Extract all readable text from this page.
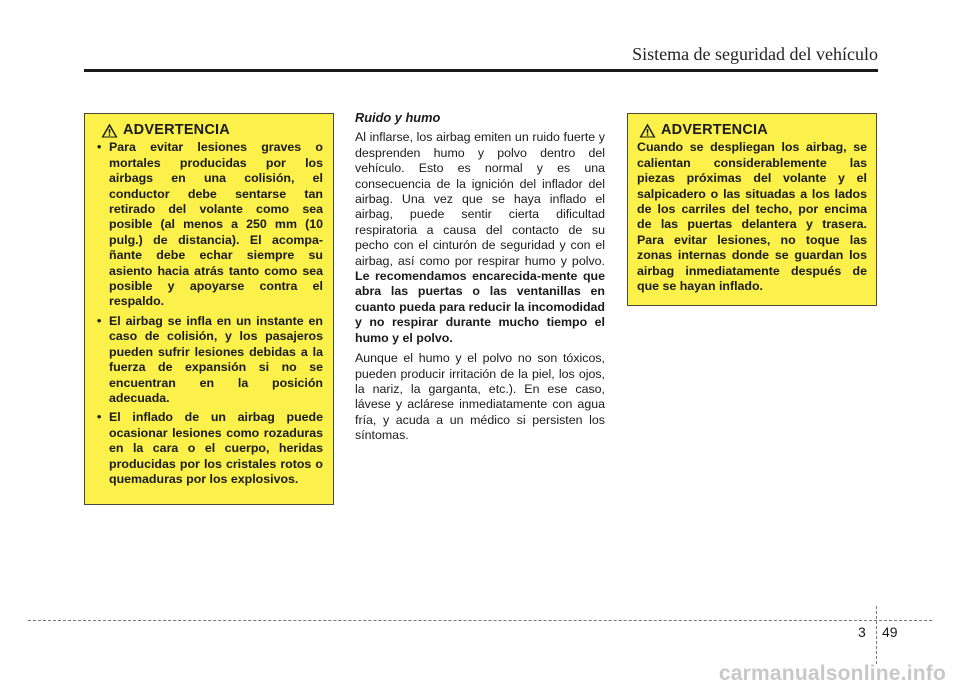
Sistema de seguridad del vehículo
ADVERTENCIA
• Para evitar lesiones graves o mortales producidas por los airbags en una colisión, el conductor debe sentarse tan retirado del volante como sea posible (al menos a 250 mm (10 pulg.) de distancia). El acompa-ñante debe echar siempre su asiento hacia atrás tanto como sea posible y apoyarse contra el respaldo.
• El airbag se infla en un instante en caso de colisión, y los pasajeros pueden sufrir lesiones debidas a la fuerza de expansión si no se encuentran en la posición adecuada.
• El inflado de un airbag puede ocasionar lesiones como rozaduras en la cara o el cuerpo, heridas producidas por los cristales rotos o quemaduras por los explosivos.
Ruido y humo

Al inflarse, los airbag emiten un ruido fuerte y desprenden humo y polvo dentro del vehículo. Esto es normal y es una consecuencia de la ignición del inflador del airbag. Una vez que se haya inflado el airbag, puede sentir cierta dificultad respiratoria a causa del contacto de su pecho con el cinturón de seguridad y con el airbag, así como por respirar humo y polvo. Le recomendamos encarecida-mente que abra las puertas o las ventanillas en cuanto pueda para reducir la incomodidad y no respirar durante mucho tiempo el humo y el polvo.

Aunque el humo y el polvo no son tóxicos, pueden producir irritación de la piel, los ojos, la nariz, la garganta, etc.). En ese caso, lávese y aclárese inmediatamente con agua fría, y acuda a un médico si persisten los síntomas.

ADVERTENCIA
Cuando se despliegan los airbag, se calientan considerablemente las piezas próximas del volante y el salpicadero o las situadas a los lados de los carriles del techo, por encima de las puertas delantera y trasera. Para evitar lesiones, no toque las zonas internas donde se guardan los airbag inmediatamente después de que se hayan inflado.
3 49
carmanualsonline.info
